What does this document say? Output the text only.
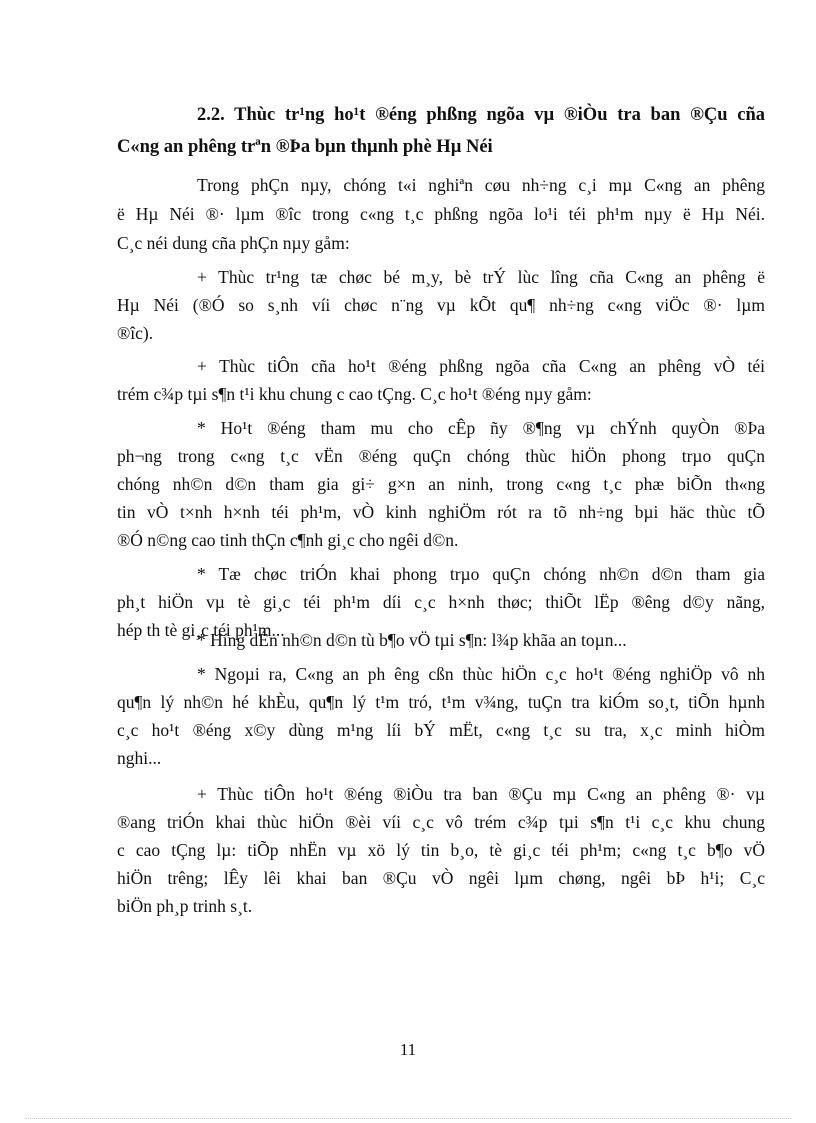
2.2. Thùc tr¹ng ho¹t ®éng phßng ngõa vµ ®iÒu tra ban ®Çu cña
C«ng an phêng trªn ®Þa bµn thµnh phè Hµ Néi
Trong phÇn nµy, chóng t«i nghiªn cøu nh÷ng c¸i mµ C«ng an phêng
ë Hµ Néi ®· lµm ®îc trong c«ng t¸c phßng ngõa lo¹i téi ph¹m nµy ë Hµ Néi.
C¸c néi dung cña phÇn nµy gåm:
+ Thùc tr¹ng tæ chøc bé m¸y, bè trÝ lùc lîng cña C«ng an phêng ë
Hµ Néi (®Ó so s¸nh víi chøc n¨ng vµ kÕt qu¶ nh÷ng c«ng viÖc ®· lµm
®îc).
+ Thùc tiÔn cña ho¹t ®éng phßng ngõa cña C«ng an phêng vÒ téi
trém c¾p tµi s¶n t¹i khu chung c cao tÇng. C¸c ho¹t ®éng nµy gåm:
* Ho¹t ®éng tham mu cho cÊp ñy ®¶ng vµ chÝnh quyÒn ®Þa
ph¬ng trong c«ng t¸c vËn ®éng quÇn chóng thùc hiÖn phong trµo quÇn
chóng nh©n d©n tham gia gi÷ g×n an ninh, trong c«ng t¸c phæ biÕn th«ng
tin vÒ t×nh h×nh téi ph¹m, vÒ kinh nghiÖm rót ra tõ nh÷ng bµi häc thùc tÕ
®Ó n©ng cao tinh thÇn c¶nh gi¸c cho ngêi d©n.
* Tæ chøc triÓn khai phong trµo quÇn chóng nh©n d©n tham gia
ph¸t hiÖn vµ tè gi¸c téi ph¹m díi c¸c h×nh thøc; thiÕt lËp ®êng d©y nãng,
hép th tè gi¸c téi ph¹m...
* Híng dÉn nh©n d©n tù b¶o vÖ tµi s¶n: l¾p khãa an toµn...
* Ngoµi ra, C«ng an ph êng cßn thùc hiÖn c¸c ho¹t ®éng nghiÖp vô nh
qu¶n lý nh©n hé khÈu, qu¶n lý t¹m tró, t¹m v¾ng, tuÇn tra kiÓm so¸t, tiÕn hµnh
c¸c ho¹t ®éng x©y dùng m¹ng líi bÝ mËt, c«ng t¸c su tra, x¸c minh hiÒm
nghi...
+ Thùc tiÔn ho¹t ®éng ®iÒu tra ban ®Çu mµ C«ng an phêng ®· vµ
®ang triÓn khai thùc hiÖn ®èi víi c¸c vô trém c¾p tµi s¶n t¹i c¸c khu chung
c cao tÇng lµ: tiÕp nhËn vµ xö lý tin b¸o, tè gi¸c téi ph¹m; c«ng t¸c b¶o vÖ
hiÖn trêng; lÊy lêi khai ban ®Çu vÒ ngêi lµm chøng, ngêi bÞ h¹i; C¸c
biÖn ph¸p trinh s¸t.
11
